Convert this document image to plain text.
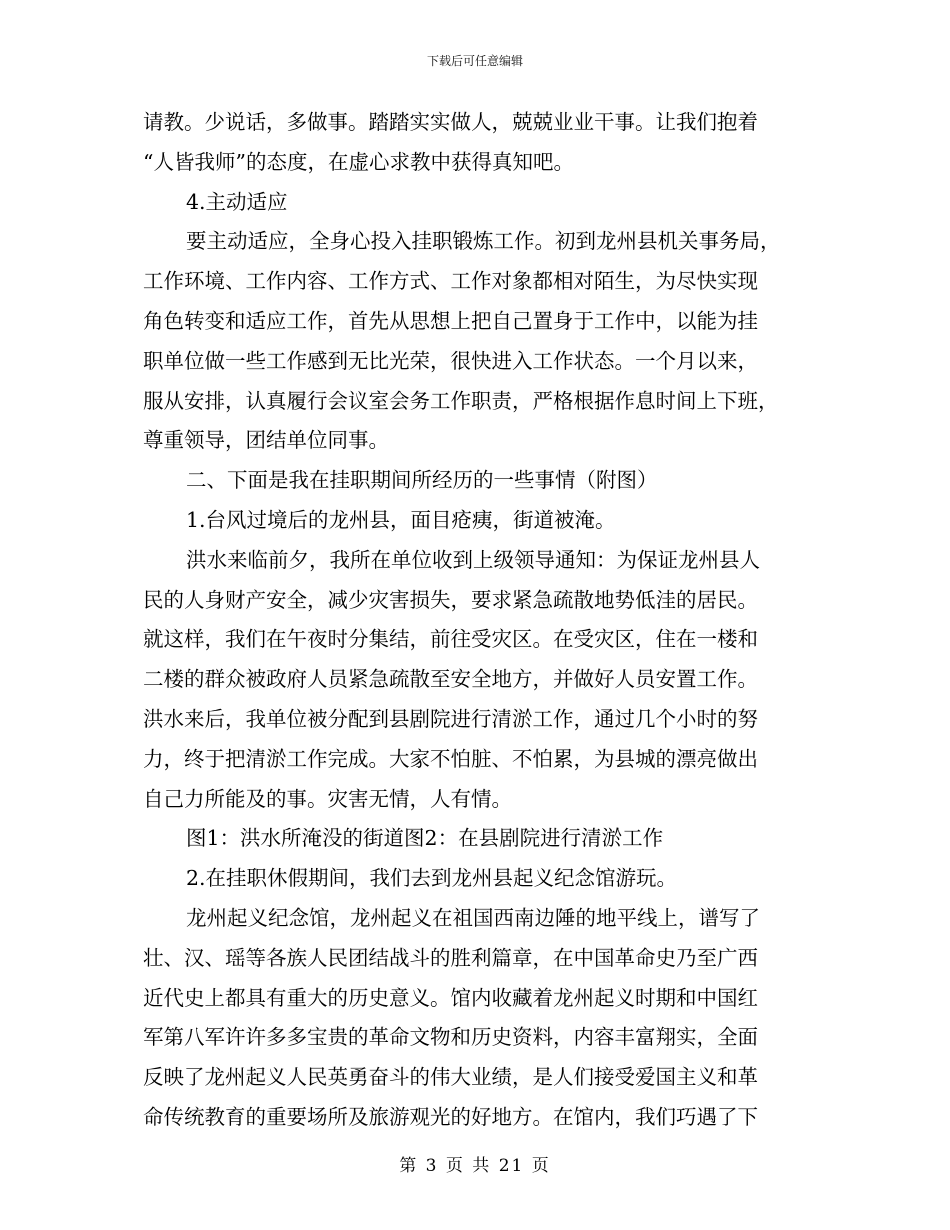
下载后可任意编辑
请教。少说话，多做事。踏踏实实做人，兢兢业业干事。让我们抱着
“人皆我师”的态度，在虚心求教中获得真知吧。
4.主动适应
要主动适应，全身心投入挂职锻炼工作。初到龙州县机关事务局，
工作环境、工作内容、工作方式、工作对象都相对陌生，为尽快实现
角色转变和适应工作，首先从思想上把自己置身于工作中，以能为挂
职单位做一些工作感到无比光荣，很快进入工作状态。一个月以来，
服从安排，认真履行会议室会务工作职责，严格根据作息时间上下班，
尊重领导，团结单位同事。
二、下面是我在挂职期间所经历的一些事情（附图）
1.台风过境后的龙州县，面目疮痍，街道被淹。
洪水来临前夕，我所在单位收到上级领导通知：为保证龙州县人
民的人身财产安全，减少灾害损失，要求紧急疏散地势低洼的居民。
就这样，我们在午夜时分集结，前往受灾区。在受灾区，住在一楼和
二楼的群众被政府人员紧急疏散至安全地方，并做好人员安置工作。
洪水来后，我单位被分配到县剧院进行清淤工作，通过几个小时的努
力，终于把清淤工作完成。大家不怕脏、不怕累，为县城的漂亮做出
自己力所能及的事。灾害无情，人有情。
图1：洪水所淹没的街道图2：在县剧院进行清淤工作
2.在挂职休假期间，我们去到龙州县起义纪念馆游玩。
龙州起义纪念馆，龙州起义在祖国西南边陲的地平线上，谱写了
壮、汉、瑶等各族人民团结战斗的胜利篇章，在中国革命史乃至广西
近代史上都具有重大的历史意义。馆内收藏着龙州起义时期和中国红
军第八军许许多多宝贵的革命文物和历史资料，内容丰富翔实，全面
反映了龙州起义人民英勇奋斗的伟大业绩，是人们接受爱国主义和革
命传统教育的重要场所及旅游观光的好地方。在馆内，我们巧遇了下
第 3 页 共 21 页
